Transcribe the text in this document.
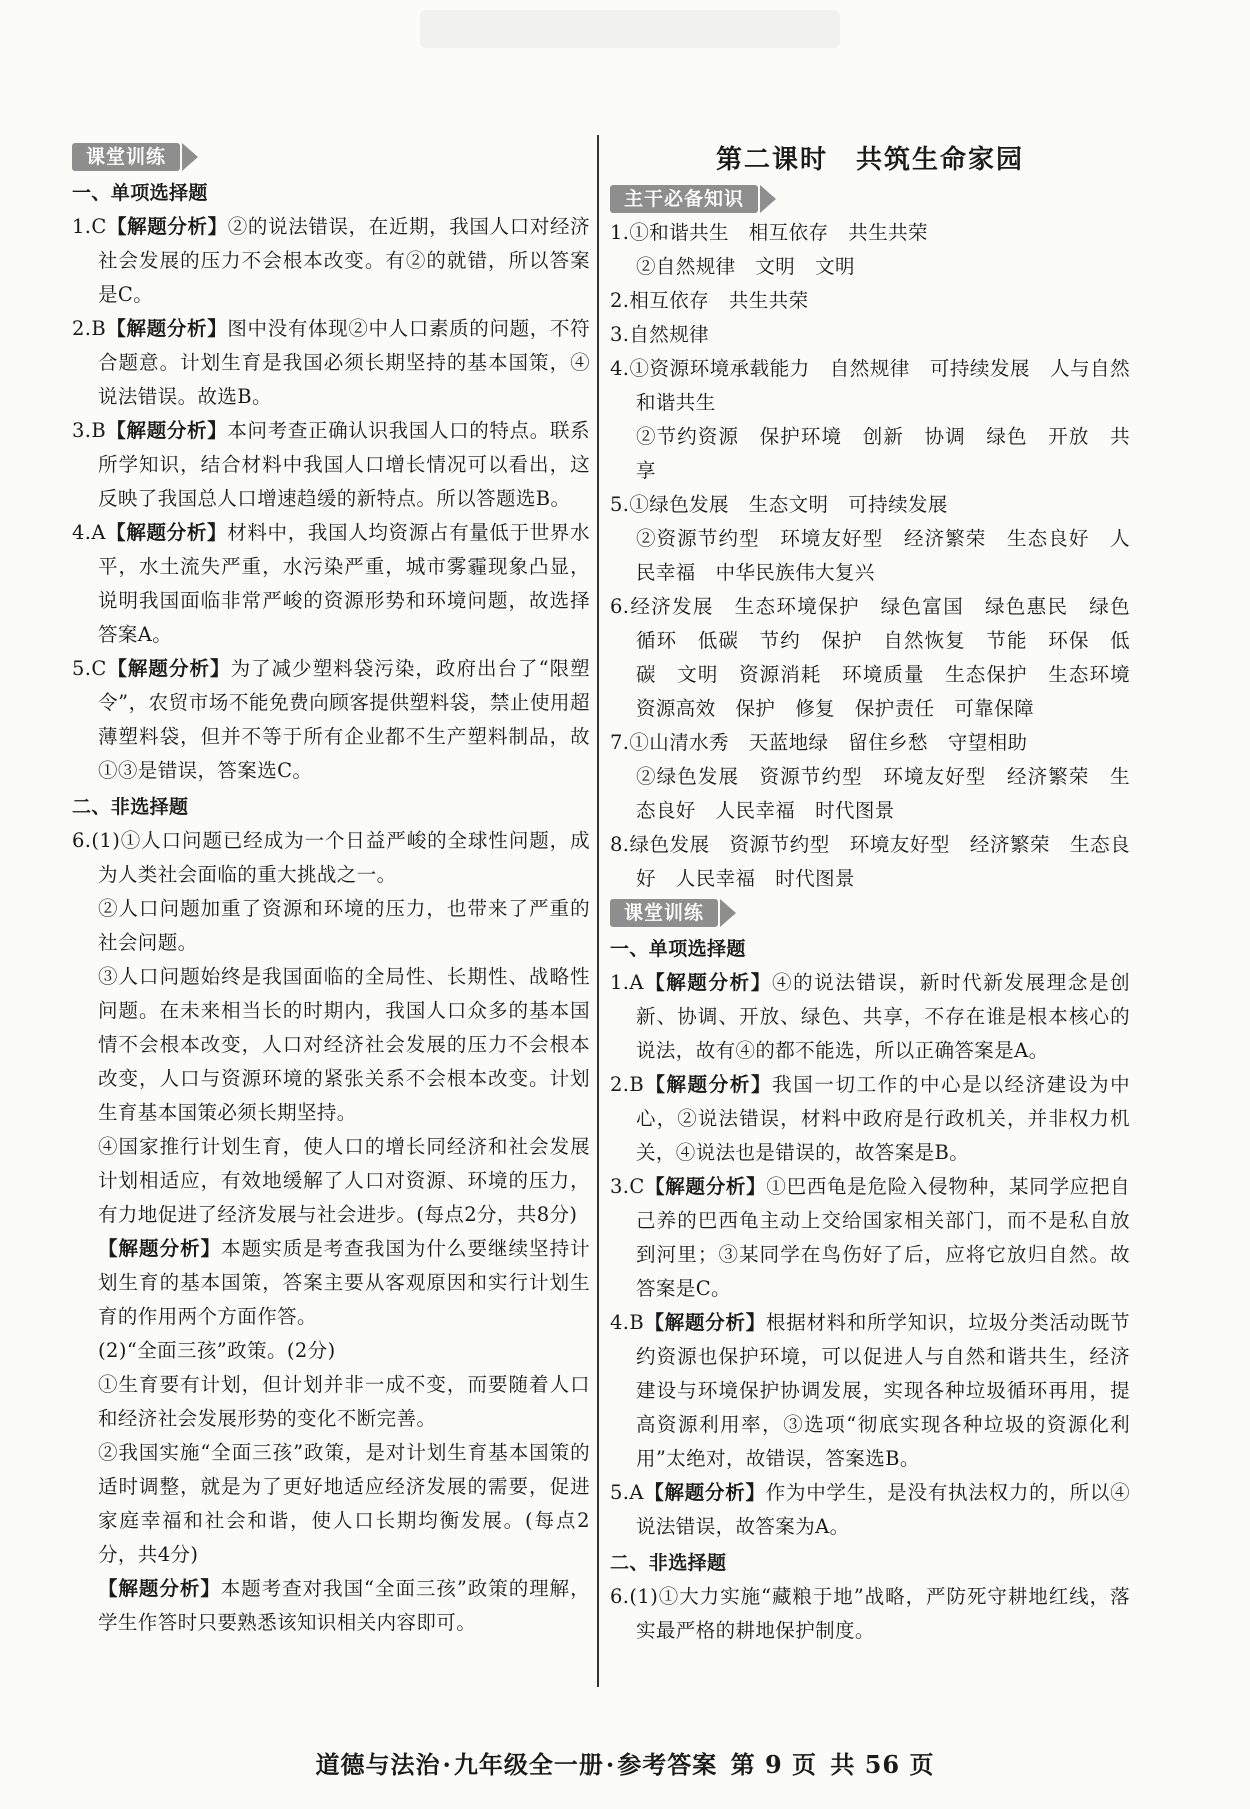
课堂训练

一、单项选择题

1.C【解题分析】②的说法错误，在近期，我国人口对经济社会发展的压力不会根本改变。有②的就错，所以答案是C。

2.B【解题分析】图中没有体现②中人口素质的问题，不符合题意。计划生育是我国必须长期坚持的基本国策，④说法错误。故选B。

3.B【解题分析】本问考查正确认识我国人口的特点。联系所学知识，结合材料中我国人口增长情况可以看出，这反映了我国总人口增速趋缓的新特点。所以答题选B。

4.A【解题分析】材料中，我国人均资源占有量低于世界水平，水土流失严重，水污染严重，城市雾霾现象凸显，说明我国面临非常严峻的资源形势和环境问题，故选择答案A。

5.C【解题分析】为了减少塑料袋污染，政府出台了“限塑令”，农贸市场不能免费向顾客提供塑料袋，禁止使用超薄塑料袋，但并不等于所有企业都不生产塑料制品，故①③是错误，答案选C。

二、非选择题

6.(1)①人口问题已经成为一个日益严峻的全球性问题，成为人类社会面临的重大挑战之一。

②人口问题加重了资源和环境的压力，也带来了严重的社会问题。

③人口问题始终是我国面临的全局性、长期性、战略性问题。在未来相当长的时期内，我国人口众多的基本国情不会根本改变，人口对经济社会发展的压力不会根本改变，人口与资源环境的紧张关系不会根本改变。计划生育基本国策必须长期坚持。

④国家推行计划生育，使人口的增长同经济和社会发展计划相适应，有效地缓解了人口对资源、环境的压力，有力地促进了经济发展与社会进步。(每点2分，共8分)

【解题分析】本题实质是考查我国为什么要继续坚持计划生育的基本国策，答案主要从客观原因和实行计划生育的作用两个方面作答。

(2)“全面三孩”政策。(2分)

①生育要有计划，但计划并非一成不变，而要随着人口和经济社会发展形势的变化不断完善。

②我国实施“全面三孩”政策，是对计划生育基本国策的适时调整，就是为了更好地适应经济发展的需要，促进家庭幸福和社会和谐，使人口长期均衡发展。(每点2分，共4分)

【解题分析】本题考查对我国“全面三孩”政策的理解，学生作答时只要熟悉该知识相关内容即可。

第二课时　共筑生命家园

主干必备知识

1.①和谐共生　相互依存　共生共荣

②自然规律　文明　文明

2.相互依存　共生共荣

3.自然规律

4.①资源环境承载能力　自然规律　可持续发展　人与自然和谐共生

②节约资源　保护环境　创新　协调　绿色　开放　共享

5.①绿色发展　生态文明　可持续发展

②资源节约型　环境友好型　经济繁荣　生态良好　人民幸福　中华民族伟大复兴

6.经济发展　生态环境保护　绿色富国　绿色惠民　绿色　循环　低碳　节约　保护　自然恢复　节能　环保　低碳　文明　资源消耗　环境质量　生态保护　生态环境　资源高效　保护　修复　保护责任　可靠保障

7.①山清水秀　天蓝地绿　留住乡愁　守望相助

②绿色发展　资源节约型　环境友好型　经济繁荣　生态良好　人民幸福　时代图景

8.绿色发展　资源节约型　环境友好型　经济繁荣　生态良好　人民幸福　时代图景

课堂训练

一、单项选择题

1.A【解题分析】④的说法错误，新时代新发展理念是创新、协调、开放、绿色、共享，不存在谁是根本核心的说法，故有④的都不能选，所以正确答案是A。

2.B【解题分析】我国一切工作的中心是以经济建设为中心，②说法错误，材料中政府是行政机关，并非权力机关，④说法也是错误的，故答案是B。

3.C【解题分析】①巴西龟是危险入侵物种，某同学应把自己养的巴西龟主动上交给国家相关部门，而不是私自放到河里；③某同学在鸟伤好了后，应将它放归自然。故答案是C。

4.B【解题分析】根据材料和所学知识，垃圾分类活动既节约资源也保护环境，可以促进人与自然和谐共生，经济建设与环境保护协调发展，实现各种垃圾循环再用，提高资源利用率，③选项“彻底实现各种垃圾的资源化利用”太绝对，故错误，答案选B。

5.A【解题分析】作为中学生，是没有执法权力的，所以④说法错误，故答案为A。

二、非选择题

6.(1)①大力实施“藏粮于地”战略，严防死守耕地红线，落实最严格的耕地保护制度。

道德与法治·九年级全一册·参考答案 第 9 页 共 56 页
